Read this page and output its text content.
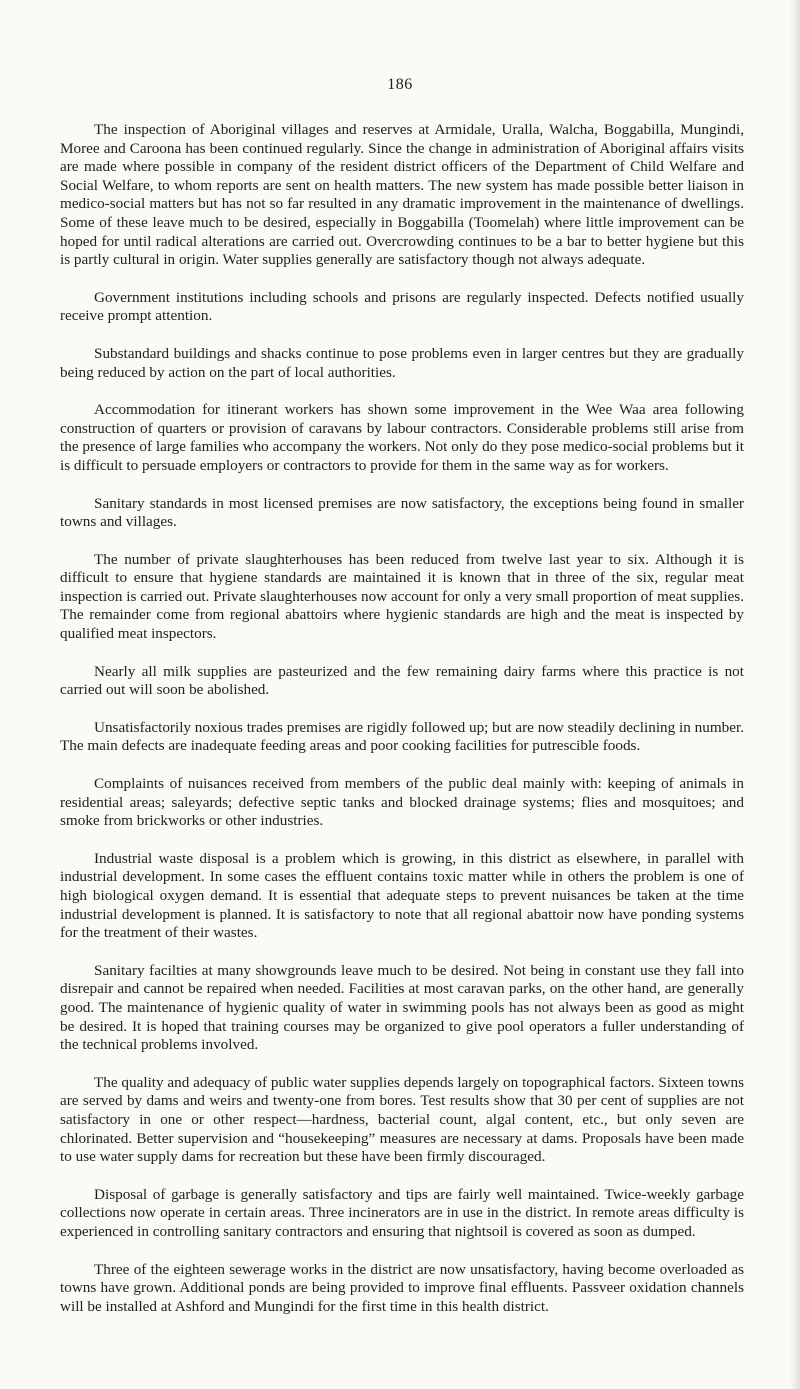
186

The inspection of Aboriginal villages and reserves at Armidale, Uralla, Walcha, Boggabilla, Mungindi, Moree and Caroona has been continued regularly. Since the change in administration of Aboriginal affairs visits are made where possible in company of the resident district officers of the Department of Child Welfare and Social Welfare, to whom reports are sent on health matters. The new system has made possible better liaison in medico-social matters but has not so far resulted in any dramatic improvement in the maintenance of dwellings. Some of these leave much to be desired, especially in Boggabilla (Toomelah) where little improvement can be hoped for until radical alterations are carried out. Overcrowding continues to be a bar to better hygiene but this is partly cultural in origin. Water supplies generally are satisfactory though not always adequate.

Government institutions including schools and prisons are regularly inspected. Defects notified usually receive prompt attention.

Substandard buildings and shacks continue to pose problems even in larger centres but they are gradually being reduced by action on the part of local authorities.

Accommodation for itinerant workers has shown some improvement in the Wee Waa area following construction of quarters or provision of caravans by labour contractors. Considerable problems still arise from the presence of large families who accompany the workers. Not only do they pose medico-social problems but it is difficult to persuade employers or contractors to provide for them in the same way as for workers.

Sanitary standards in most licensed premises are now satisfactory, the exceptions being found in smaller towns and villages.

The number of private slaughterhouses has been reduced from twelve last year to six. Although it is difficult to ensure that hygiene standards are maintained it is known that in three of the six, regular meat inspection is carried out. Private slaughterhouses now account for only a very small proportion of meat supplies. The remainder come from regional abattoirs where hygienic standards are high and the meat is inspected by qualified meat inspectors.

Nearly all milk supplies are pasteurized and the few remaining dairy farms where this practice is not carried out will soon be abolished.

Unsatisfactorily noxious trades premises are rigidly followed up; but are now steadily declining in number. The main defects are inadequate feeding areas and poor cooking facilities for putrescible foods.

Complaints of nuisances received from members of the public deal mainly with: keeping of animals in residential areas; saleyards; defective septic tanks and blocked drainage systems; flies and mosquitoes; and smoke from brickworks or other industries.

Industrial waste disposal is a problem which is growing, in this district as elsewhere, in parallel with industrial development. In some cases the effluent contains toxic matter while in others the problem is one of high biological oxygen demand. It is essential that adequate steps to prevent nuisances be taken at the time industrial development is planned. It is satisfactory to note that all regional abattoir now have ponding systems for the treatment of their wastes.

Sanitary facilties at many showgrounds leave much to be desired. Not being in constant use they fall into disrepair and cannot be repaired when needed. Facilities at most caravan parks, on the other hand, are generally good. The maintenance of hygienic quality of water in swimming pools has not always been as good as might be desired. It is hoped that training courses may be organized to give pool operators a fuller understanding of the technical problems involved.

The quality and adequacy of public water supplies depends largely on topographical factors. Sixteen towns are served by dams and weirs and twenty-one from bores. Test results show that 30 per cent of supplies are not satisfactory in one or other respect—hardness, bacterial count, algal content, etc., but only seven are chlorinated. Better supervision and “housekeeping” measures are necessary at dams. Proposals have been made to use water supply dams for recreation but these have been firmly discouraged.

Disposal of garbage is generally satisfactory and tips are fairly well maintained. Twice-weekly garbage collections now operate in certain areas. Three incinerators are in use in the district. In remote areas difficulty is experienced in controlling sanitary contractors and ensuring that nightsoil is covered as soon as dumped.

Three of the eighteen sewerage works in the district are now unsatisfactory, having become overloaded as towns have grown. Additional ponds are being provided to improve final effluents. Passveer oxidation channels will be installed at Ashford and Mungindi for the first time in this health district.
